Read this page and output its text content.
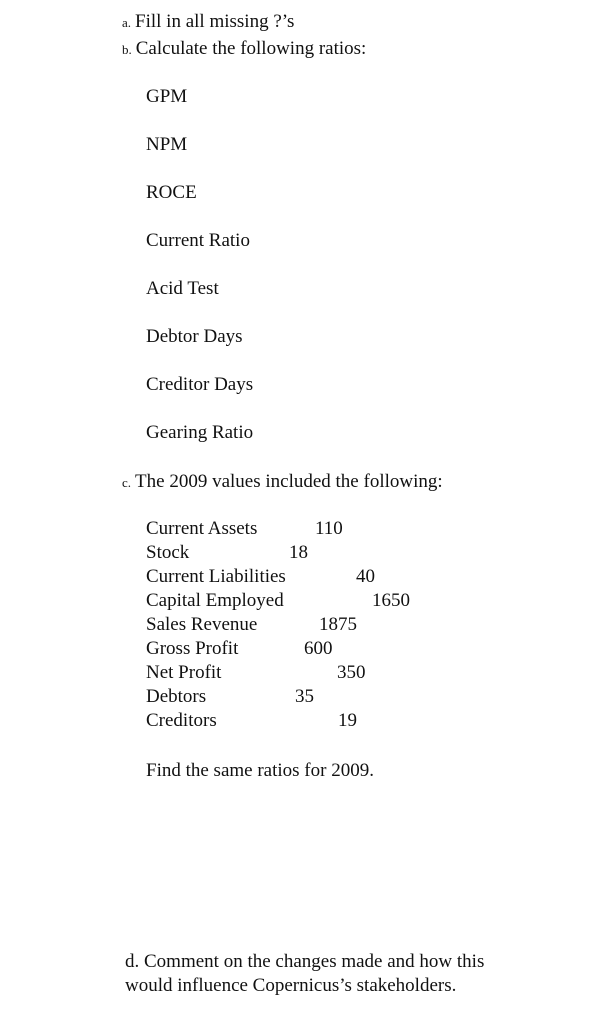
a. Fill in all missing ?’s
b. Calculate the following ratios:
GPM
NPM
ROCE
Current Ratio
Acid Test
Debtor Days
Creditor Days
Gearing Ratio
c. The 2009 values included the following:
Current Assets	110
Stock	18
Current Liabilities	40
Capital Employed	1650
Sales Revenue	1875
Gross Profit	600
Net Profit	350
Debtors	35
Creditors	19
Find the same ratios for 2009.
d. Comment on the changes made and how this
would influence Copernicus’s stakeholders.
